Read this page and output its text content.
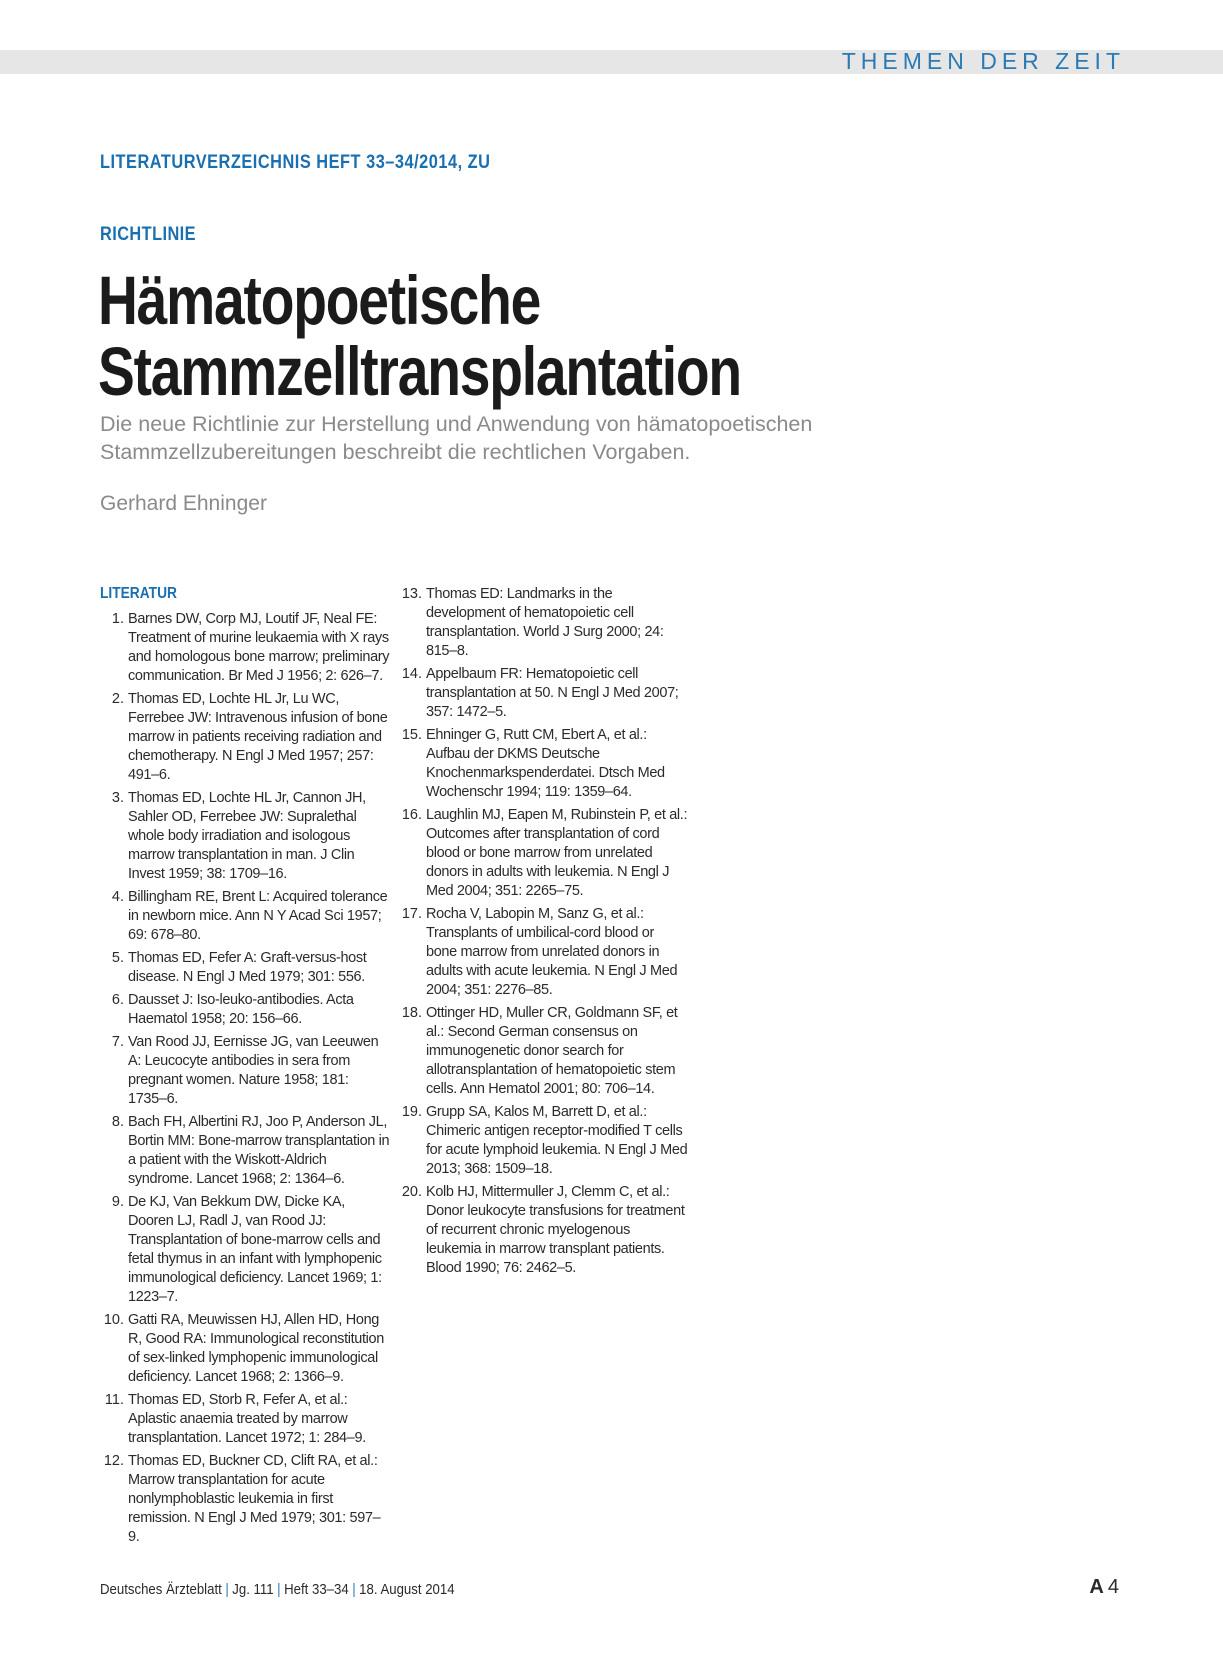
THEMEN DER ZEIT
LITERATURVERZEICHNIS HEFT 33–34/2014, ZU
RICHTLINIE
Hämatopoetische
Stammzelltransplantation
Die neue Richtlinie zur Herstellung und Anwendung von hämatopoetischen
Stammzellzubereitungen beschreibt die rechtlichen Vorgaben.
Gerhard Ehninger
LITERATUR
1. Barnes DW, Corp MJ, Loutif JF, Neal FE: Treatment of murine leukaemia with X rays and homologous bone marrow; preliminary communication. Br Med J 1956; 2: 626–7.
2. Thomas ED, Lochte HL Jr, Lu WC, Ferrebee JW: Intravenous infusion of bone marrow in patients receiving radiation and chemotherapy. N Engl J Med 1957; 257: 491–6.
3. Thomas ED, Lochte HL Jr, Cannon JH, Sahler OD, Ferrebee JW: Supralethal whole body irradiation and isologous marrow transplantation in man. J Clin Invest 1959; 38: 1709–16.
4. Billingham RE, Brent L: Acquired tolerance in newborn mice. Ann N Y Acad Sci 1957; 69: 678–80.
5. Thomas ED, Fefer A: Graft-versus-host disease. N Engl J Med 1979; 301: 556.
6. Dausset J: Iso-leuko-antibodies. Acta Haematol 1958; 20: 156–66.
7. Van Rood JJ, Eernisse JG, van Leeuwen A: Leucocyte antibodies in sera from pregnant women. Nature 1958; 181: 1735–6.
8. Bach FH, Albertini RJ, Joo P, Anderson JL, Bortin MM: Bone-marrow transplantation in a patient with the Wiskott-Aldrich syndrome. Lancet 1968; 2: 1364–6.
9. De KJ, Van Bekkum DW, Dicke KA, Dooren LJ, Radl J, van Rood JJ: Transplantation of bone-marrow cells and fetal thymus in an infant with lymphopenic immunological deficiency. Lancet 1969; 1: 1223–7.
10. Gatti RA, Meuwissen HJ, Allen HD, Hong R, Good RA: Immunological reconstitution of sex-linked lymphopenic immunological deficiency. Lancet 1968; 2: 1366–9.
11. Thomas ED, Storb R, Fefer A, et al.: Aplastic anaemia treated by marrow transplantation. Lancet 1972; 1: 284–9.
12. Thomas ED, Buckner CD, Clift RA, et al.: Marrow transplantation for acute nonlymphoblastic leukemia in first remission. N Engl J Med 1979; 301: 597–9.
13. Thomas ED: Landmarks in the development of hematopoietic cell transplantation. World J Surg 2000; 24: 815–8.
14. Appelbaum FR: Hematopoietic cell transplantation at 50. N Engl J Med 2007; 357: 1472–5.
15. Ehninger G, Rutt CM, Ebert A, et al.: Aufbau der DKMS Deutsche Knochenmarkspenderdatei. Dtsch Med Wochenschr 1994; 119: 1359–64.
16. Laughlin MJ, Eapen M, Rubinstein P, et al.: Outcomes after transplantation of cord blood or bone marrow from unrelated donors in adults with leukemia. N Engl J Med 2004; 351: 2265–75.
17. Rocha V, Labopin M, Sanz G, et al.: Transplants of umbilical-cord blood or bone marrow from unrelated donors in adults with acute leukemia. N Engl J Med 2004; 351: 2276–85.
18. Ottinger HD, Muller CR, Goldmann SF, et al.: Second German consensus on immunogenetic donor search for allotransplantation of hematopoietic stem cells. Ann Hematol 2001; 80: 706–14.
19. Grupp SA, Kalos M, Barrett D, et al.: Chimeric antigen receptor-modified T cells for acute lymphoid leukemia. N Engl J Med 2013; 368: 1509–18.
20. Kolb HJ, Mittermuller J, Clemm C, et al.: Donor leukocyte transfusions for treatment of recurrent chronic myelogenous leukemia in marrow transplant patients. Blood 1990; 76: 2462–5.
Deutsches Ärzteblatt | Jg. 111 | Heft 33–34 | 18. August 2014	A 4
